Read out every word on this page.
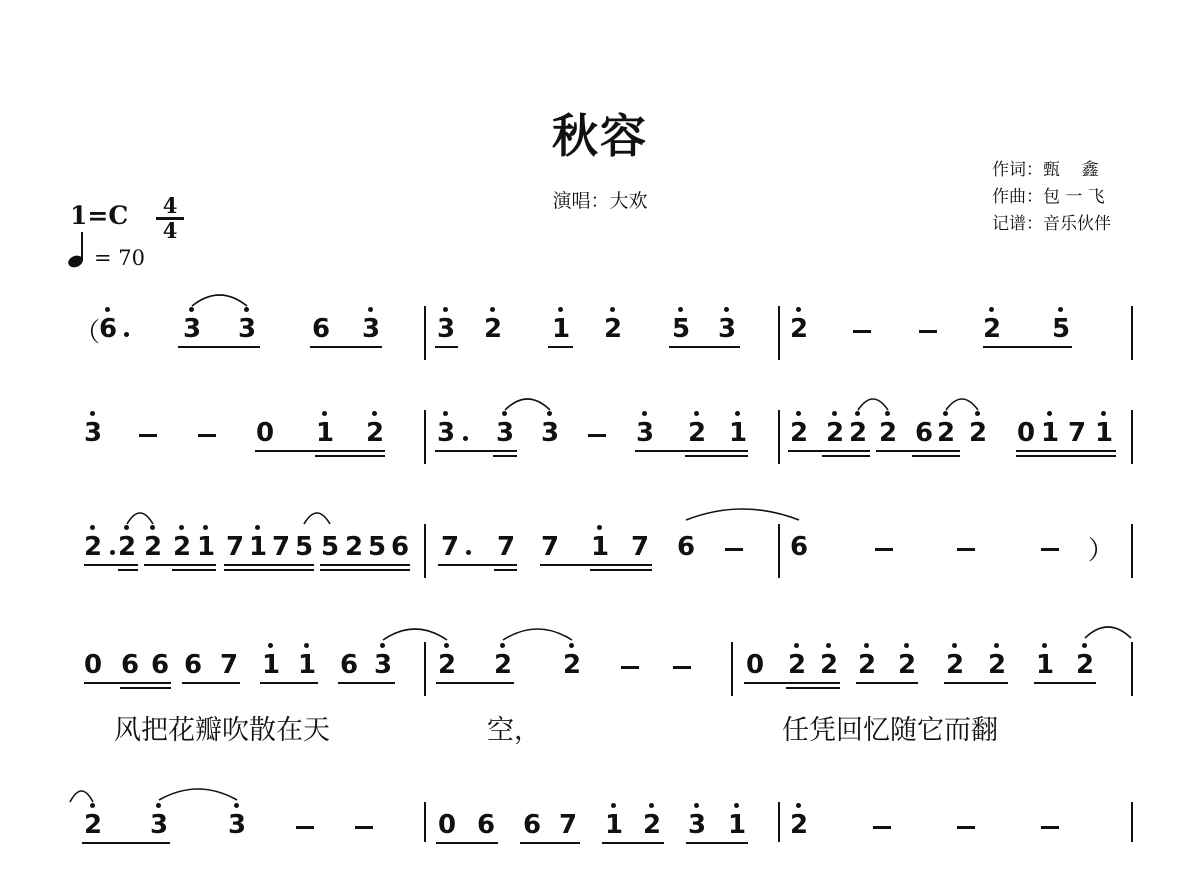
秋容
演唱：大欢
作词：甄    鑫
作曲：包 一 飞
记谱：音乐伙伴
1=C	4
4
= 70
6	3 3 6 3 3 2 1 2 5 3 2	2 5
（
3	0 1 2 3 3 3	3 2 1 2 2 2 2 6 2 2 0 1 7 1
2 2 2 2 1 7 1 7 5 5 2 5 6 7 7 7 1 7 6	6	）
0 6 6 6 7 1 1 6 3 2 2 2	0 2 2 2 2 2 2 1 2
风把花瓣吹散在天	空，	任凭回忆随它而翻
2 3 3	0 6 6 7 1 2 3 1 2
